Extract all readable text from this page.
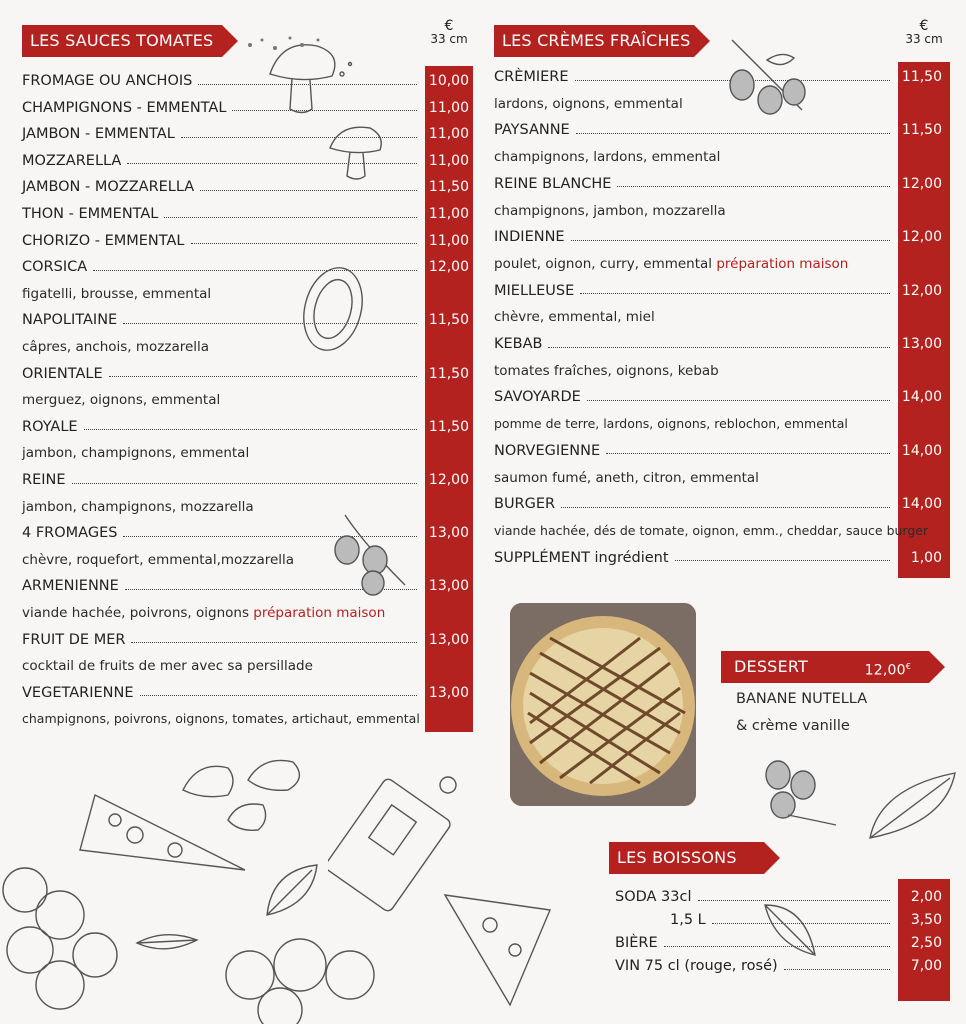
LES SAUCES TOMATES
€
33 cm
FROMAGE OU ANCHOIS	10,00
CHAMPIGNONS - EMMENTAL	11,00
JAMBON - EMMENTAL	11,00
MOZZARELLA	11,00
JAMBON - MOZZARELLA	11,50
THON - EMMENTAL	11,00
CHORIZO - EMMENTAL	11,00
CORSICA	12,00
figatelli, brousse, emmental
NAPOLITAINE	11,50
câpres, anchois, mozzarella
ORIENTALE	11,50
merguez, oignons, emmental
ROYALE	11,50
jambon, champignons, emmental
REINE	12,00
jambon, champignons, mozzarella
4 FROMAGES	13,00
chèvre, roquefort, emmental,mozzarella
ARMENIENNE	13,00
viande hachée, poivrons, oignons préparation maison
FRUIT DE MER	13,00
cocktail de fruits de mer avec sa persillade
VEGETARIENNE	13,00
champignons, poivrons, oignons, tomates, artichaut, emmental
LES CRÈMES FRAÎCHES
€
33 cm
CRÈMIERE	11,50
lardons, oignons, emmental
PAYSANNE	11,50
champignons, lardons, emmental
REINE BLANCHE	12,00
champignons, jambon, mozzarella
INDIENNE	12,00
poulet, oignon, curry, emmental préparation maison
MIELLEUSE	12,00
chèvre, emmental, miel
KEBAB	13,00
tomates fraîches, oignons, kebab
SAVOYARDE	14,00
pomme de terre, lardons, oignons, reblochon, emmental
NORVEGIENNE	14,00
saumon fumé, aneth, citron, emmental
BURGER	14,00
viande hachée, dés de tomate, oignon, emm., cheddar, sauce burger
SUPPLÉMENT ingrédient	1,00
DESSERT	12,00€
BANANE NUTELLA
& crème vanille
LES BOISSONS
SODA 33cl	2,00
1,5 L	3,50
BIÈRE	2,50
VIN 75 cl (rouge, rosé)	7,00
